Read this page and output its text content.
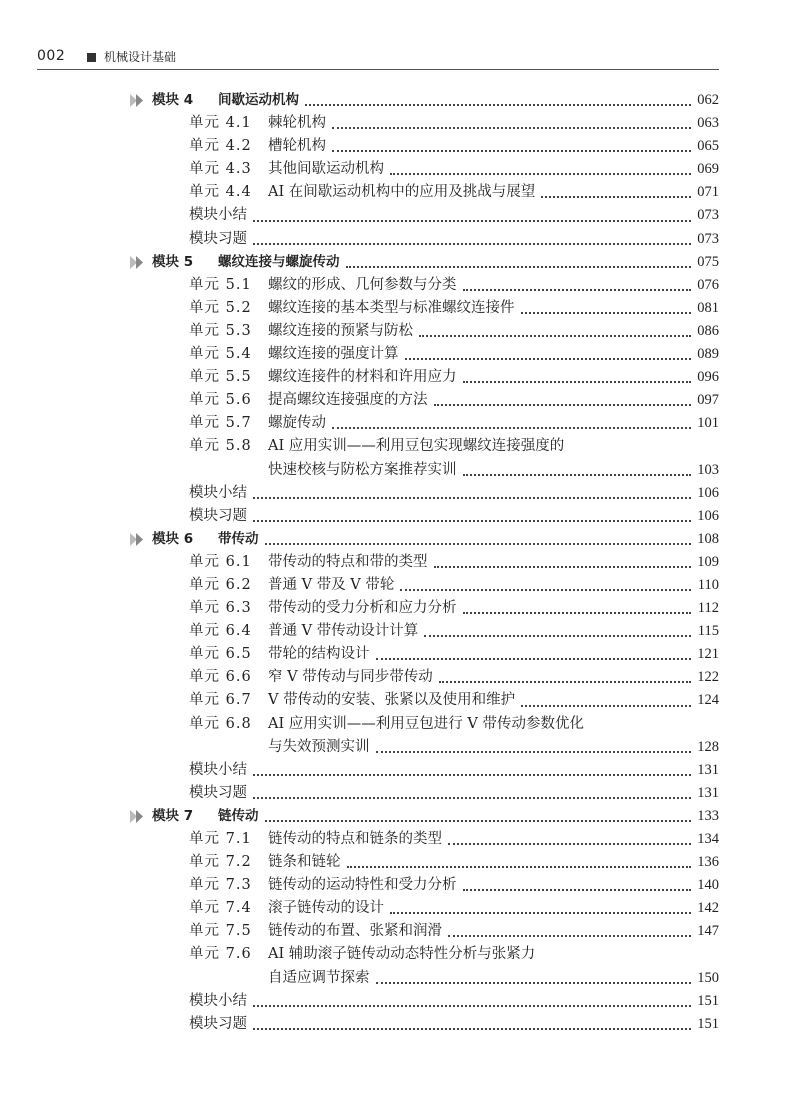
002	机械设计基础
模块 4 间歇运动机构	062
单元 4.1 棘轮机构	063
单元 4.2 槽轮机构	065
单元 4.3 其他间歇运动机构	069
单元 4.4 AI 在间歇运动机构中的应用及挑战与展望	071
模块小结	073
模块习题	073
模块 5 螺纹连接与螺旋传动	075
单元 5.1 螺纹的形成、几何参数与分类	076
单元 5.2 螺纹连接的基本类型与标准螺纹连接件	081
单元 5.3 螺纹连接的预紧与防松	086
单元 5.4 螺纹连接的强度计算	089
单元 5.5 螺纹连接件的材料和许用应力	096
单元 5.6 提高螺纹连接强度的方法	097
单元 5.7 螺旋传动	101
单元 5.8 AI 应用实训——利用豆包实现螺纹连接强度的
快速校核与防松方案推荐实训	103
模块小结	106
模块习题	106
模块 6 带传动	108
单元 6.1 带传动的特点和带的类型	109
单元 6.2 普通 V 带及 V 带轮	110
单元 6.3 带传动的受力分析和应力分析	112
单元 6.4 普通 V 带传动设计计算	115
单元 6.5 带轮的结构设计	121
单元 6.6 窄 V 带传动与同步带传动	122
单元 6.7 V 带传动的安装、张紧以及使用和维护	124
单元 6.8 AI 应用实训——利用豆包进行 V 带传动参数优化
与失效预测实训	128
模块小结	131
模块习题	131
模块 7 链传动	133
单元 7.1 链传动的特点和链条的类型	134
单元 7.2 链条和链轮	136
单元 7.3 链传动的运动特性和受力分析	140
单元 7.4 滚子链传动的设计	142
单元 7.5 链传动的布置、张紧和润滑	147
单元 7.6 AI 辅助滚子链传动动态特性分析与张紧力
自适应调节探索	150
模块小结	151
模块习题	151
